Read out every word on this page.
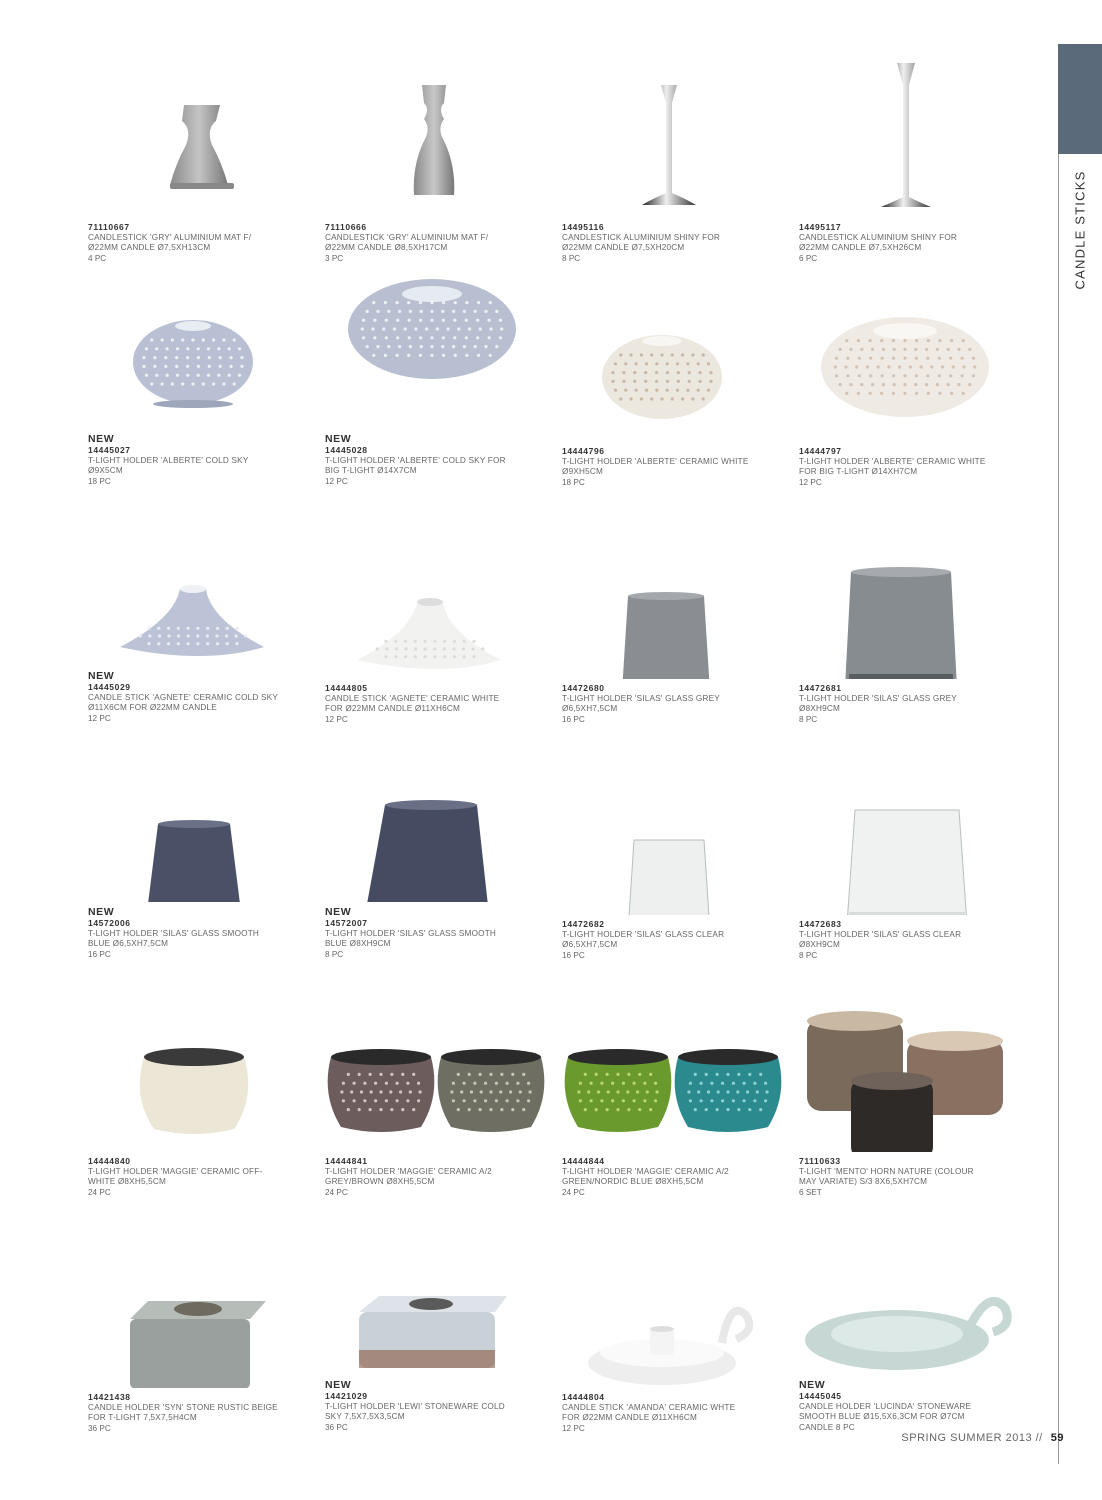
CANDLE STICKS
71110667
CANDLESTICK 'GRY' ALUMINIUM MAT F/Ø22MM CANDLE Ø7,5XH13CM
4 PC
71110666
CANDLESTICK 'GRY' ALUMINIUM MAT F/Ø22MM CANDLE Ø8,5XH17CM
3 PC
14495116
CANDLESTICK ALUMINIUM SHINY FOR Ø22MM CANDLE Ø7,5XH20CM
8 PC
14495117
CANDLESTICK ALUMINIUM SHINY FOR Ø22MM CANDLE Ø7,5XH26CM
6 PC
NEW
14445027
T-LIGHT HOLDER 'ALBERTE' COLD SKY Ø9X5CM
18 PC
NEW
14445028
T-LIGHT HOLDER 'ALBERTE' COLD SKY FOR BIG T-LIGHT Ø14X7CM
12 PC
14444796
T-LIGHT HOLDER 'ALBERTE' CERAMIC WHITE Ø9XH5CM
18 PC
14444797
T-LIGHT HOLDER 'ALBERTE' CERAMIC WHITE FOR BIG T-LIGHT Ø14XH7CM
12 PC
NEW
14445029
CANDLE STICK 'AGNETE' CERAMIC COLD SKY Ø11X6CM FOR Ø22MM CANDLE
12 PC
14444805
CANDLE STICK 'AGNETE' CERAMIC WHITE FOR Ø22MM CANDLE Ø11XH6CM
12 PC
14472680
T-LIGHT HOLDER 'SILAS' GLASS GREY Ø6,5XH7,5CM
16 PC
14472681
T-LIGHT HOLDER 'SILAS' GLASS GREY Ø8XH9CM
8 PC
NEW
14572006
T-LIGHT HOLDER 'SILAS' GLASS SMOOTH BLUE Ø6,5XH7,5CM
16 PC
NEW
14572007
T-LIGHT HOLDER 'SILAS' GLASS SMOOTH BLUE Ø8XH9CM
8 PC
14472682
T-LIGHT HOLDER 'SILAS' GLASS CLEAR Ø6,5XH7,5CM
16 PC
14472683
T-LIGHT HOLDER 'SILAS' GLASS CLEAR Ø8XH9CM
8 PC
14444840
T-LIGHT HOLDER 'MAGGIE' CERAMIC OFF-WHITE Ø8XH5,5CM
24 PC
14444841
T-LIGHT HOLDER 'MAGGIE' CERAMIC A/2 GREY/BROWN Ø8XH5,5CM
24 PC
14444844
T-LIGHT HOLDER 'MAGGIE' CERAMIC A/2 GREEN/NORDIC BLUE Ø8XH5,5CM
24 PC
71110633
T-LIGHT 'MENTO' HORN NATURE (COLOUR MAY VARIATE) S/3 8X6,5XH7CM
6 SET
14421438
CANDLE HOLDER 'SYN' STONE RUSTIC BEIGE FOR T-LIGHT 7,5X7,5H4CM
36 PC
NEW
14421029
T-LIGHT HOLDER 'LEWI' STONEWARE COLD SKY 7,5X7,5X3,5CM
36 PC
14444804
CANDLE STICK 'AMANDA' CERAMIC WHTE FOR Ø22MM CANDLE Ø11XH6CM
12 PC
NEW
14445045
CANDLE HOLDER 'LUCINDA' STONEWARE SMOOTH BLUE Ø15,5X6,3CM FOR Ø7CM CANDLE 8 PC
SPRING SUMMER 2013 // 59
